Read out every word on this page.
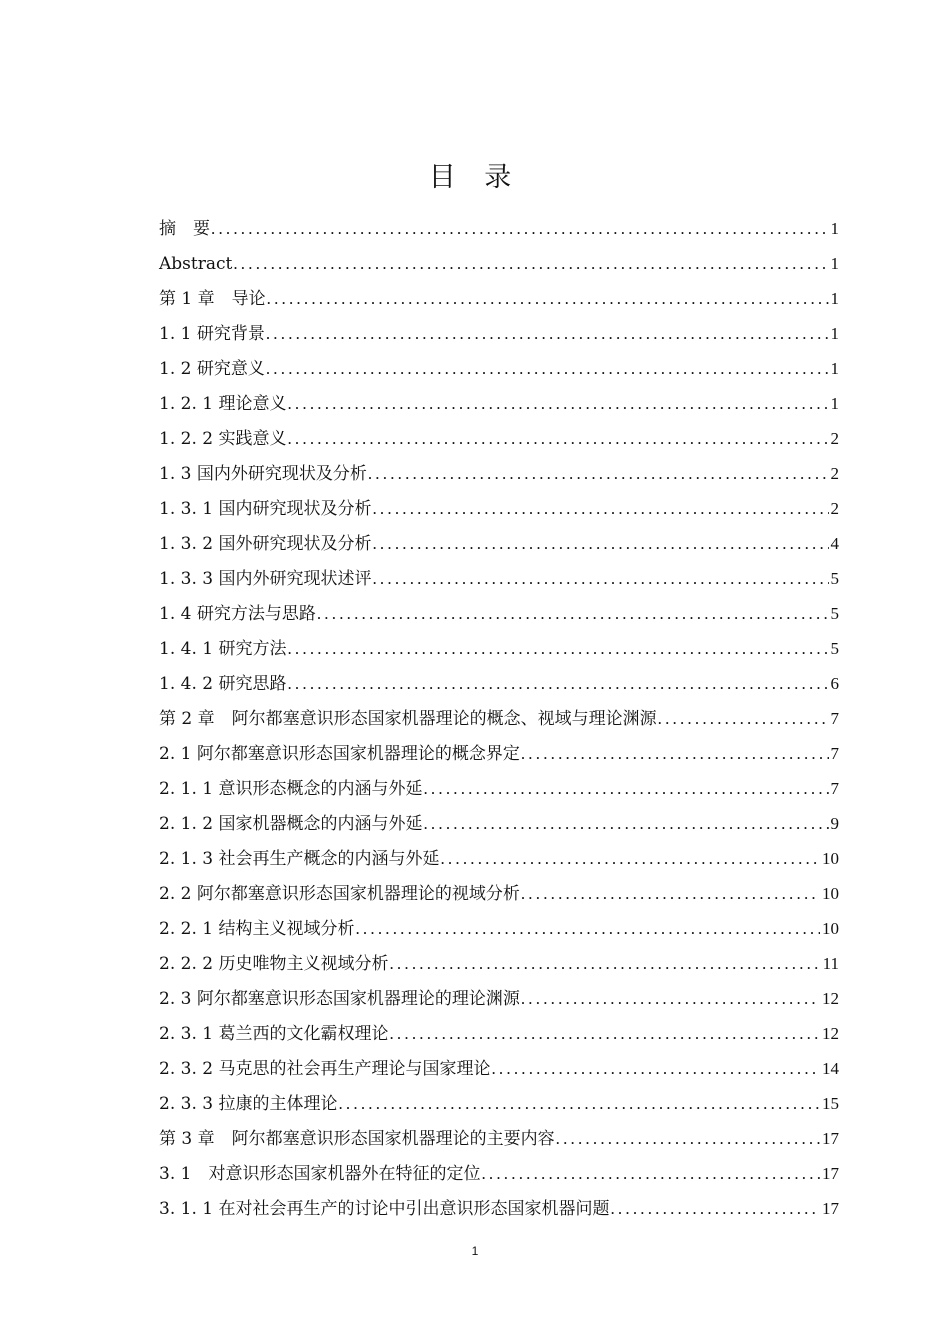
目 录
摘　要 .....	1
Abstract .....	1
第 1 章　导论 .....	1
1. 1 研究背景 .....	1
1. 2 研究意义 .....	1
1. 2. 1 理论意义 .....	1
1. 2. 2 实践意义 .....	2
1. 3 国内外研究现状及分析 .....	2
1. 3. 1 国内研究现状及分析 .....	2
1. 3. 2 国外研究现状及分析 .....	4
1. 3. 3 国内外研究现状述评 .....	5
1. 4 研究方法与思路 .....	5
1. 4. 1 研究方法 .....	5
1. 4. 2 研究思路 .....	6
第 2 章　阿尔都塞意识形态国家机器理论的概念、视域与理论渊源 .....	7
2. 1 阿尔都塞意识形态国家机器理论的概念界定 .....	7
2. 1. 1 意识形态概念的内涵与外延 .....	7
2. 1. 2 国家机器概念的内涵与外延 .....	9
2. 1. 3 社会再生产概念的内涵与外延 .....	10
2. 2 阿尔都塞意识形态国家机器理论的视域分析 .....	10
2. 2. 1 结构主义视域分析 .....	10
2. 2. 2 历史唯物主义视域分析 .....	11
2. 3 阿尔都塞意识形态国家机器理论的理论渊源 .....	12
2. 3. 1 葛兰西的文化霸权理论 .....	12
2. 3. 2 马克思的社会再生产理论与国家理论 .....	14
2. 3. 3 拉康的主体理论 .....	15
第 3 章　阿尔都塞意识形态国家机器理论的主要内容 .....	17
3. 1　对意识形态国家机器外在特征的定位 .....	17
3. 1. 1 在对社会再生产的讨论中引出意识形态国家机器问题 .....	17
1
